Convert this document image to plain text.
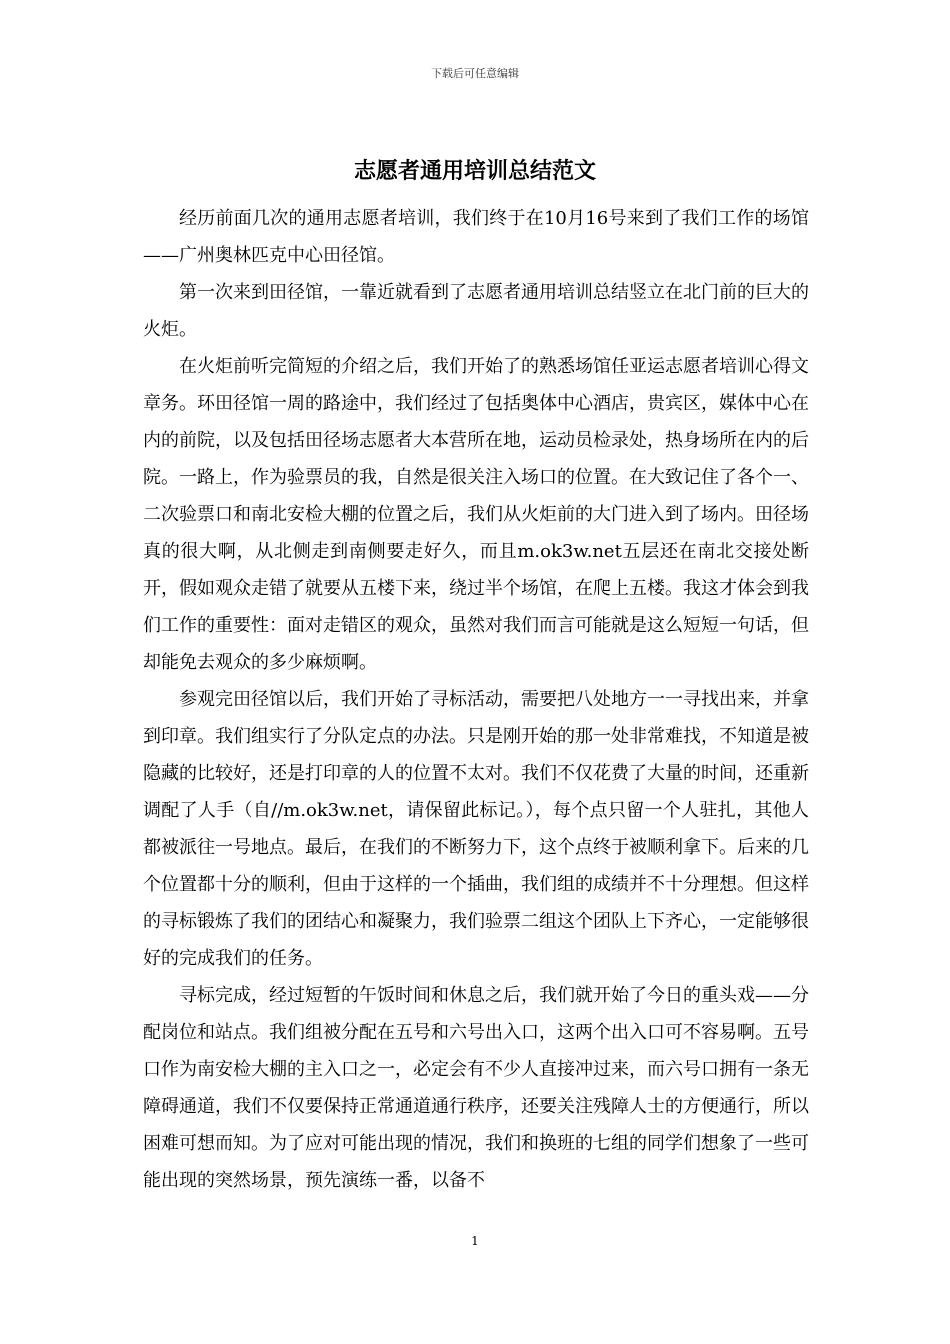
下载后可任意编辑
志愿者通用培训总结范文

经历前面几次的通用志愿者培训，我们终于在10月16号来到了我们工作的场馆——广州奥林匹克中心田径馆。

第一次来到田径馆，一靠近就看到了志愿者通用培训总结竖立在北门前的巨大的火炬。

在火炬前听完简短的介绍之后，我们开始了的熟悉场馆任亚运志愿者培训心得文章务。环田径馆一周的路途中，我们经过了包括奥体中心酒店，贵宾区，媒体中心在内的前院，以及包括田径场志愿者大本营所在地，运动员检录处，热身场所在内的后院。一路上，作为验票员的我，自然是很关注入场口的位置。在大致记住了各个一、二次验票口和南北安检大棚的位置之后，我们从火炬前的大门进入到了场内。田径场真的很大啊，从北侧走到南侧要走好久，而且m.ok3w.net五层还在南北交接处断开，假如观众走错了就要从五楼下来，绕过半个场馆，在爬上五楼。我这才体会到我们工作的重要性：面对走错区的观众，虽然对我们而言可能就是这么短短一句话，但却能免去观众的多少麻烦啊。

参观完田径馆以后，我们开始了寻标活动，需要把八处地方一一寻找出来，并拿到印章。我们组实行了分队定点的办法。只是刚开始的那一处非常难找，不知道是被隐藏的比较好，还是打印章的人的位置不太对。我们不仅花费了大量的时间，还重新调配了人手（自//m.ok3w.net，请保留此标记。），每个点只留一个人驻扎，其他人都被派往一号地点。最后，在我们的不断努力下，这个点终于被顺利拿下。后来的几个位置都十分的顺利，但由于这样的一个插曲，我们组的成绩并不十分理想。但这样的寻标锻炼了我们的团结心和凝聚力，我们验票二组这个团队上下齐心，一定能够很好的完成我们的任务。

寻标完成，经过短暂的午饭时间和休息之后，我们就开始了今日的重头戏——分配岗位和站点。我们组被分配在五号和六号出入口，这两个出入口可不容易啊。五号口作为南安检大棚的主入口之一，必定会有不少人直接冲过来，而六号口拥有一条无障碍通道，我们不仅要保持正常通道通行秩序，还要关注残障人士的方便通行，所以困难可想而知。为了应对可能出现的情况，我们和换班的七组的同学们想象了一些可能出现的突然场景，预先演练一番，以备不

1
